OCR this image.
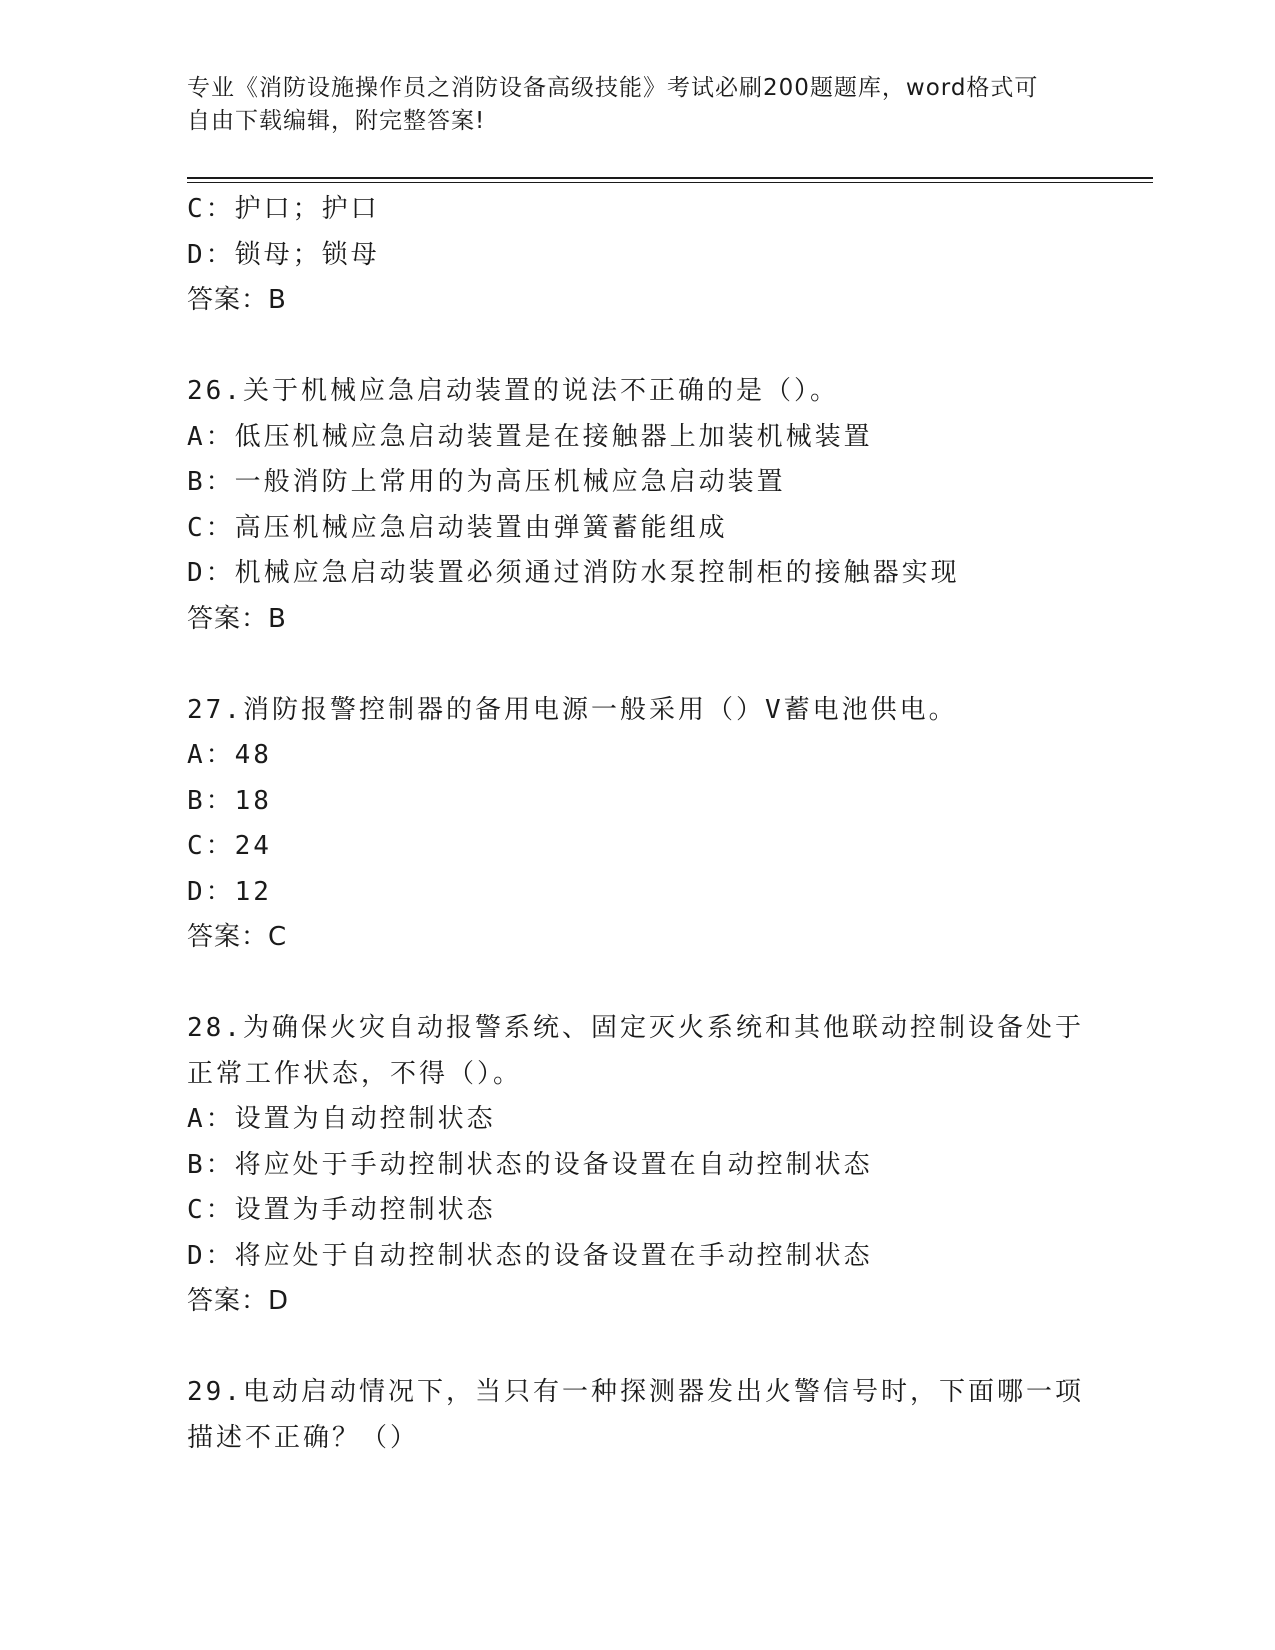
专业《消防设施操作员之消防设备高级技能》考试必刷200题题库，word格式可
自由下载编辑，附完整答案!
C：护口；护口
D：锁母；锁母
答案：B
26.关于机械应急启动装置的说法不正确的是（）。
A：低压机械应急启动装置是在接触器上加装机械装置
B：一般消防上常用的为高压机械应急启动装置
C：高压机械应急启动装置由弹簧蓄能组成
D：机械应急启动装置必须通过消防水泵控制柜的接触器实现
答案：B
27.消防报警控制器的备用电源一般采用（）V蓄电池供电。
A：48
B：18
C：24
D：12
答案：C
28.为确保火灾自动报警系统、固定灭火系统和其他联动控制设备处于
正常工作状态，不得（）。
A：设置为自动控制状态
B：将应处于手动控制状态的设备设置在自动控制状态
C：设置为手动控制状态
D：将应处于自动控制状态的设备设置在手动控制状态
答案：D
29.电动启动情况下，当只有一种探测器发出火警信号时，下面哪一项
描述不正确？（）
